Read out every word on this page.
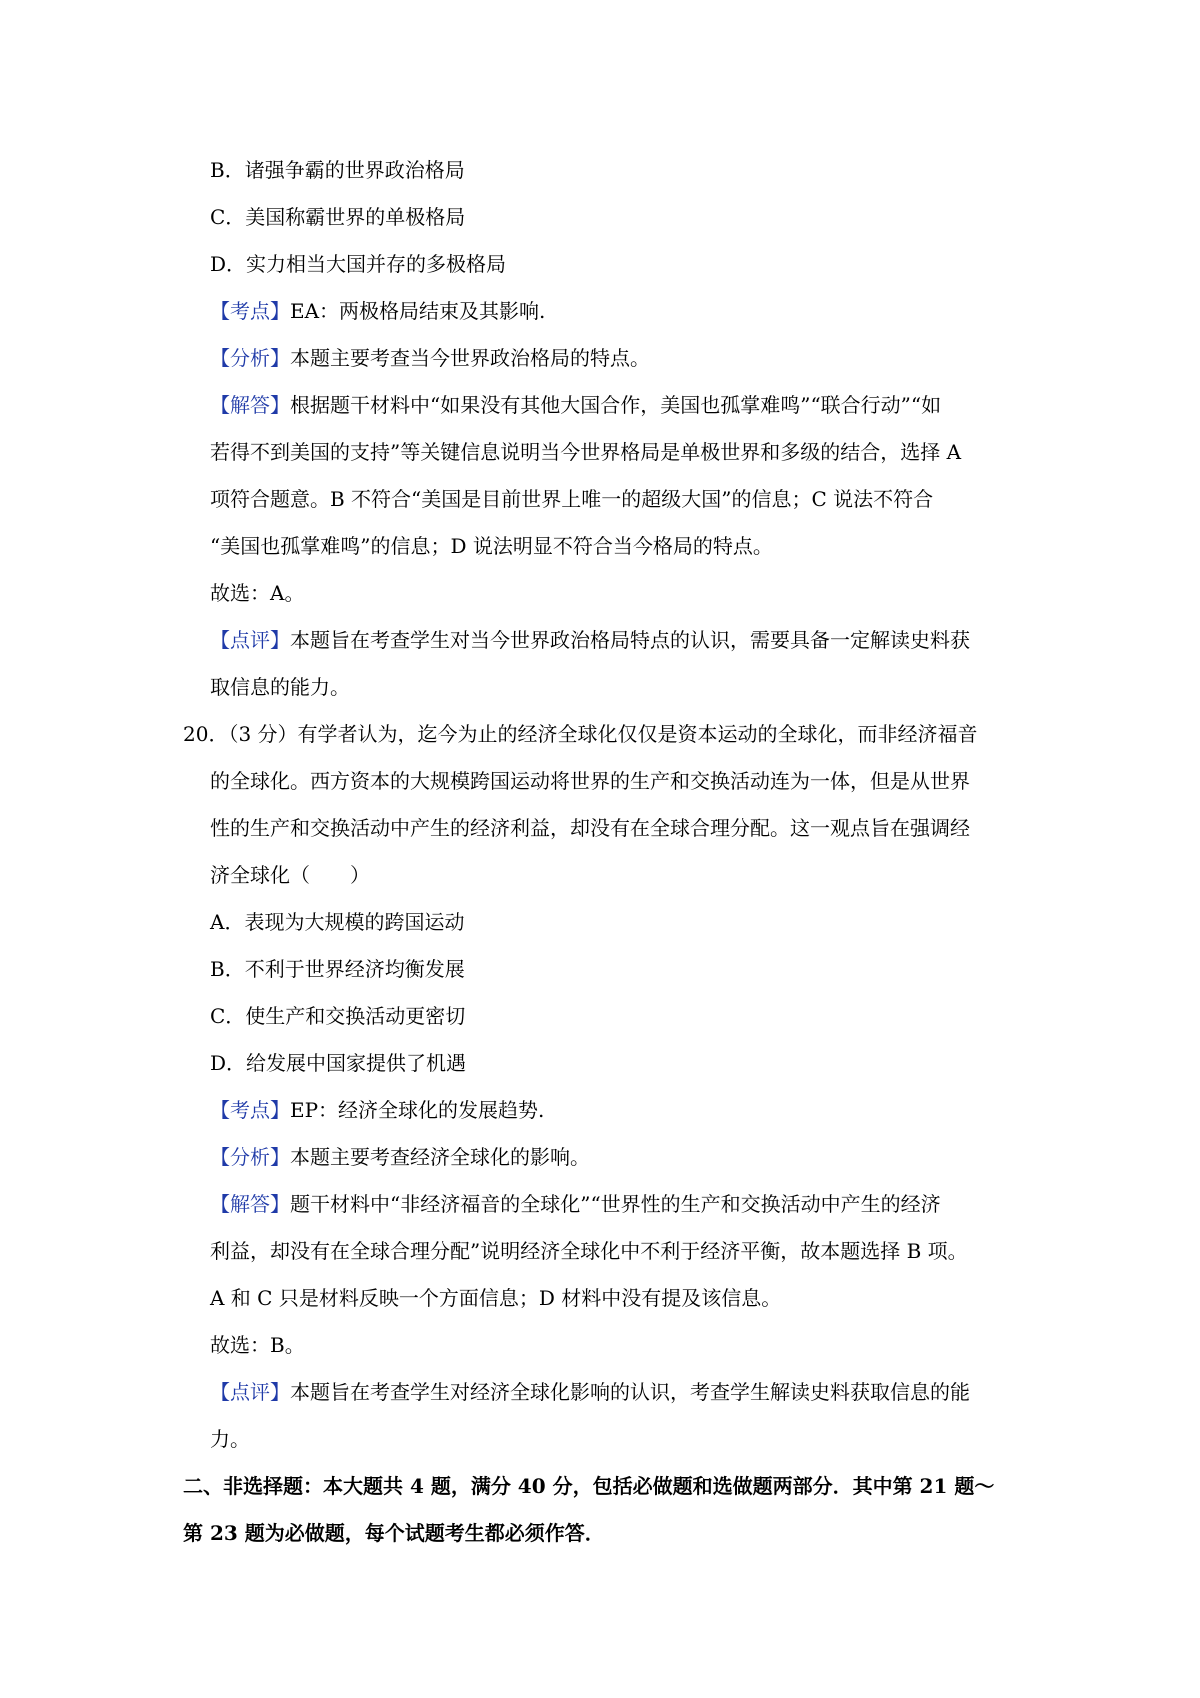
B．诸强争霸的世界政治格局
C．美国称霸世界的单极格局
D．实力相当大国并存的多极格局
【考点】EA：两极格局结束及其影响.
【分析】本题主要考查当今世界政治格局的特点。
【解答】根据题干材料中“如果没有其他大国合作，美国也孤掌难鸣”“联合行动”“如
若得不到美国的支持”等关键信息说明当今世界格局是单极世界和多级的结合，选择 A
项符合题意。B 不符合“美国是目前世界上唯一的超级大国”的信息；C 说法不符合
“美国也孤掌难鸣”的信息；D 说法明显不符合当今格局的特点。
故选：A。
【点评】本题旨在考查学生对当今世界政治格局特点的认识，需要具备一定解读史料获
取信息的能力。
20．（3 分）有学者认为，迄今为止的经济全球化仅仅是资本运动的全球化，而非经济福音
的全球化。西方资本的大规模跨国运动将世界的生产和交换活动连为一体，但是从世界
性的生产和交换活动中产生的经济利益，却没有在全球合理分配。这一观点旨在强调经
济全球化（　　）
A．表现为大规模的跨国运动
B．不利于世界经济均衡发展
C．使生产和交换活动更密切
D．给发展中国家提供了机遇
【考点】EP：经济全球化的发展趋势.
【分析】本题主要考查经济全球化的影响。
【解答】题干材料中“非经济福音的全球化”“世界性的生产和交换活动中产生的经济
利益，却没有在全球合理分配”说明经济全球化中不利于经济平衡，故本题选择 B 项。
A 和 C 只是材料反映一个方面信息；D 材料中没有提及该信息。
故选：B。
【点评】本题旨在考查学生对经济全球化影响的认识，考查学生解读史料获取信息的能
力。
二、非选择题：本大题共 4 题，满分 40 分，包括必做题和选做题两部分．其中第 21 题～
第 23 题为必做题，每个试题考生都必须作答．
